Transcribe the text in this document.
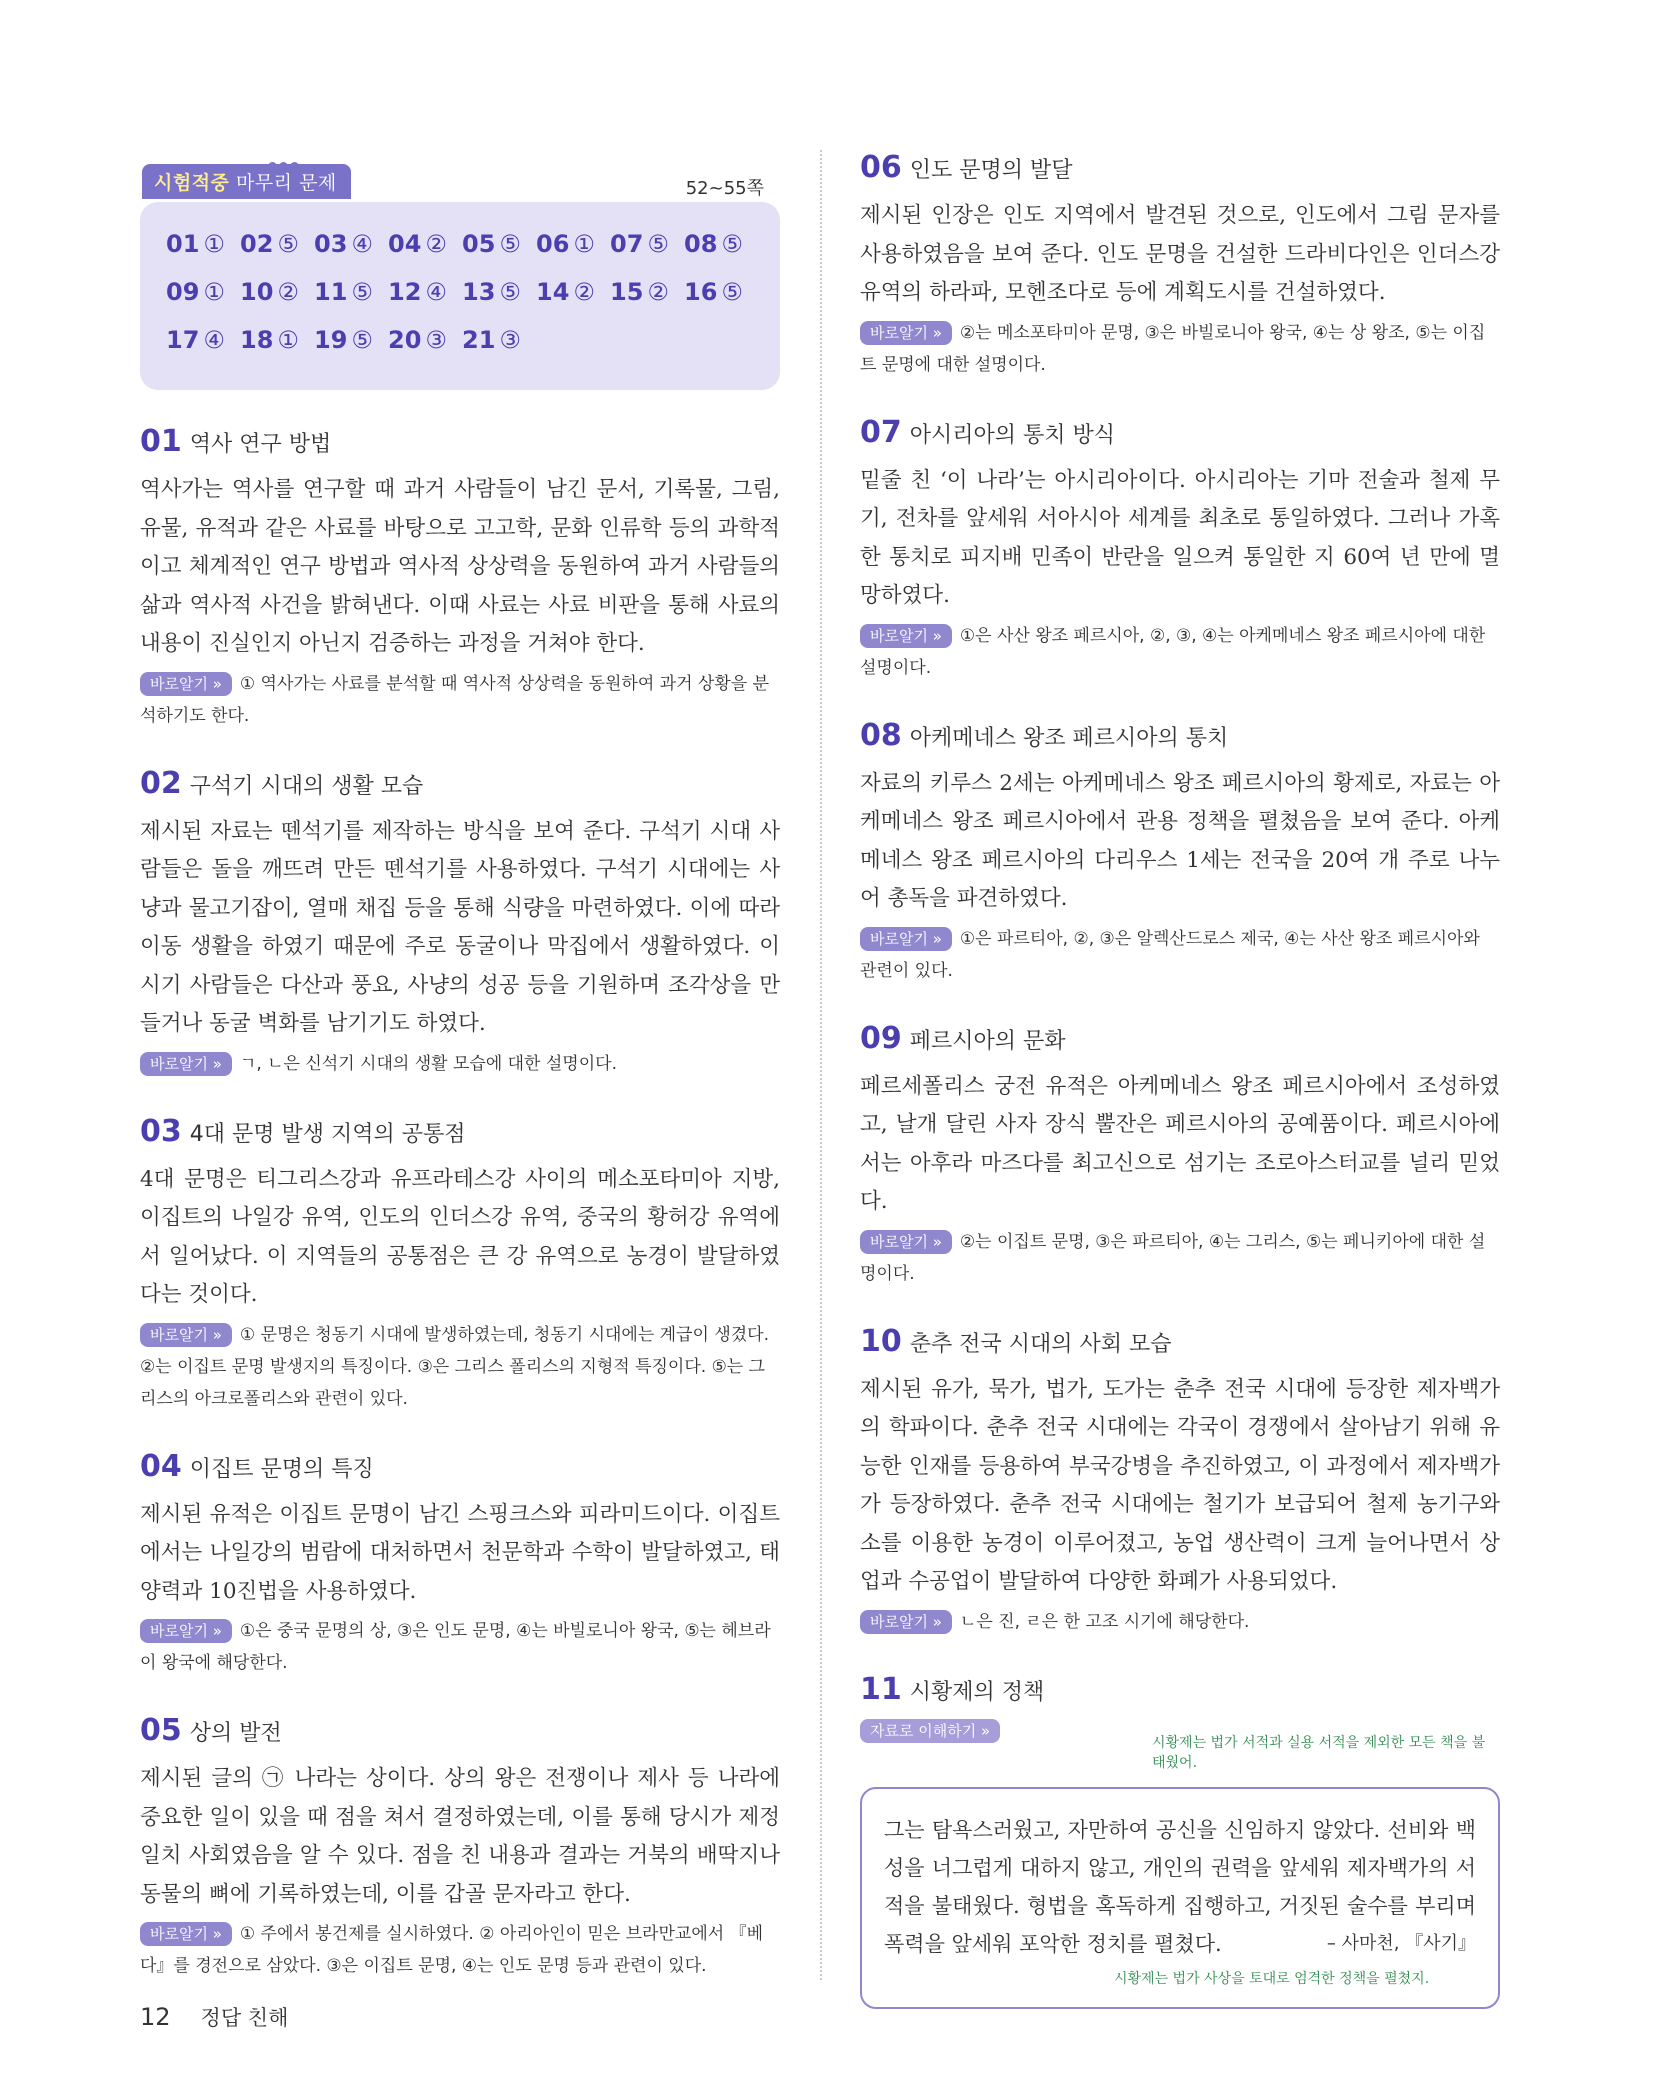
시험적중 마무리 문제	52~55쪽
01 ① 02 ⑤ 03 ④ 04 ② 05 ⑤ 06 ① 07 ⑤ 08 ⑤
09 ① 10 ② 11 ⑤ 12 ④ 13 ⑤ 14 ② 15 ② 16 ⑤
17 ④ 18 ① 19 ⑤ 20 ③ 21 ③
01 역사 연구 방법

역사가는 역사를 연구할 때 과거 사람들이 남긴 문서, 기록물, 그림, 유물, 유적과 같은 사료를 바탕으로 고고학, 문화 인류학 등의 과학적이고 체계적인 연구 방법과 역사적 상상력을 동원하여 과거 사람들의 삶과 역사적 사건을 밝혀낸다. 이때 사료는 사료 비판을 통해 사료의 내용이 진실인지 아닌지 검증하는 과정을 거쳐야 한다.

바로알기 » ① 역사가는 사료를 분석할 때 역사적 상상력을 동원하여 과거 상황을 분석하기도 한다.

02 구석기 시대의 생활 모습

제시된 자료는 뗀석기를 제작하는 방식을 보여 준다. 구석기 시대 사람들은 돌을 깨뜨려 만든 뗀석기를 사용하였다. 구석기 시대에는 사냥과 물고기잡이, 열매 채집 등을 통해 식량을 마련하였다. 이에 따라 이동 생활을 하였기 때문에 주로 동굴이나 막집에서 생활하였다. 이 시기 사람들은 다산과 풍요, 사냥의 성공 등을 기원하며 조각상을 만들거나 동굴 벽화를 남기기도 하였다.

바로알기 » ㄱ, ㄴ은 신석기 시대의 생활 모습에 대한 설명이다.

03 4대 문명 발생 지역의 공통점

4대 문명은 티그리스강과 유프라테스강 사이의 메소포타미아 지방, 이집트의 나일강 유역, 인도의 인더스강 유역, 중국의 황허강 유역에서 일어났다. 이 지역들의 공통점은 큰 강 유역으로 농경이 발달하였다는 것이다.

바로알기 » ① 문명은 청동기 시대에 발생하였는데, 청동기 시대에는 계급이 생겼다. ②는 이집트 문명 발생지의 특징이다. ③은 그리스 폴리스의 지형적 특징이다. ⑤는 그리스의 아크로폴리스와 관련이 있다.

04 이집트 문명의 특징

제시된 유적은 이집트 문명이 남긴 스핑크스와 피라미드이다. 이집트에서는 나일강의 범람에 대처하면서 천문학과 수학이 발달하였고, 태양력과 10진법을 사용하였다.

바로알기 » ①은 중국 문명의 상, ③은 인도 문명, ④는 바빌로니아 왕국, ⑤는 헤브라이 왕국에 해당한다.

05 상의 발전

제시된 글의 ㉠ 나라는 상이다. 상의 왕은 전쟁이나 제사 등 나라에 중요한 일이 있을 때 점을 쳐서 결정하였는데, 이를 통해 당시가 제정일치 사회였음을 알 수 있다. 점을 친 내용과 결과는 거북의 배딱지나 동물의 뼈에 기록하였는데, 이를 갑골 문자라고 한다.

바로알기 » ① 주에서 봉건제를 실시하였다. ② 아리아인이 믿은 브라만교에서 『베다』를 경전으로 삼았다. ③은 이집트 문명, ④는 인도 문명 등과 관련이 있다.

06 인도 문명의 발달

제시된 인장은 인도 지역에서 발견된 것으로, 인도에서 그림 문자를 사용하였음을 보여 준다. 인도 문명을 건설한 드라비다인은 인더스강 유역의 하라파, 모헨조다로 등에 계획도시를 건설하였다.

바로알기 » ②는 메소포타미아 문명, ③은 바빌로니아 왕국, ④는 상 왕조, ⑤는 이집트 문명에 대한 설명이다.

07 아시리아의 통치 방식

밑줄 친 ‘이 나라’는 아시리아이다. 아시리아는 기마 전술과 철제 무기, 전차를 앞세워 서아시아 세계를 최초로 통일하였다. 그러나 가혹한 통치로 피지배 민족이 반란을 일으켜 통일한 지 60여 년 만에 멸망하였다.

바로알기 » ①은 사산 왕조 페르시아, ②, ③, ④는 아케메네스 왕조 페르시아에 대한 설명이다.

08 아케메네스 왕조 페르시아의 통치

자료의 키루스 2세는 아케메네스 왕조 페르시아의 황제로, 자료는 아케메네스 왕조 페르시아에서 관용 정책을 펼쳤음을 보여 준다. 아케메네스 왕조 페르시아의 다리우스 1세는 전국을 20여 개 주로 나누어 총독을 파견하였다.

바로알기 » ①은 파르티아, ②, ③은 알렉산드로스 제국, ④는 사산 왕조 페르시아와 관련이 있다.

09 페르시아의 문화

페르세폴리스 궁전 유적은 아케메네스 왕조 페르시아에서 조성하였고, 날개 달린 사자 장식 뿔잔은 페르시아의 공예품이다. 페르시아에서는 아후라 마즈다를 최고신으로 섬기는 조로아스터교를 널리 믿었다.

바로알기 » ②는 이집트 문명, ③은 파르티아, ④는 그리스, ⑤는 페니키아에 대한 설명이다.

10 춘추 전국 시대의 사회 모습

제시된 유가, 묵가, 법가, 도가는 춘추 전국 시대에 등장한 제자백가의 학파이다. 춘추 전국 시대에는 각국이 경쟁에서 살아남기 위해 유능한 인재를 등용하여 부국강병을 추진하였고, 이 과정에서 제자백가가 등장하였다. 춘추 전국 시대에는 철기가 보급되어 철제 농기구와 소를 이용한 농경이 이루어졌고, 농업 생산력이 크게 늘어나면서 상업과 수공업이 발달하여 다양한 화폐가 사용되었다.

바로알기 » ㄴ은 진, ㄹ은 한 고조 시기에 해당한다.

11 시황제의 정책
자료로 이해하기 »
시황제는 법가 서적과 실용 서적을 제외한 모든 책을 불태웠어.

그는 탐욕스러웠고, 자만하여 공신을 신임하지 않았다. 선비와 백성을 너그럽게 대하지 않고, 개인의 권력을 앞세워 제자백가의 서적을 불태웠다. 형법을 혹독하게 집행하고, 거짓된 술수를 부리며 폭력을 앞세워 포악한 정치를 펼쳤다.	– 사마천, 『사기』

시황제는 법가 사상을 토대로 엄격한 정책을 펼쳤지.
12 정답 친해
